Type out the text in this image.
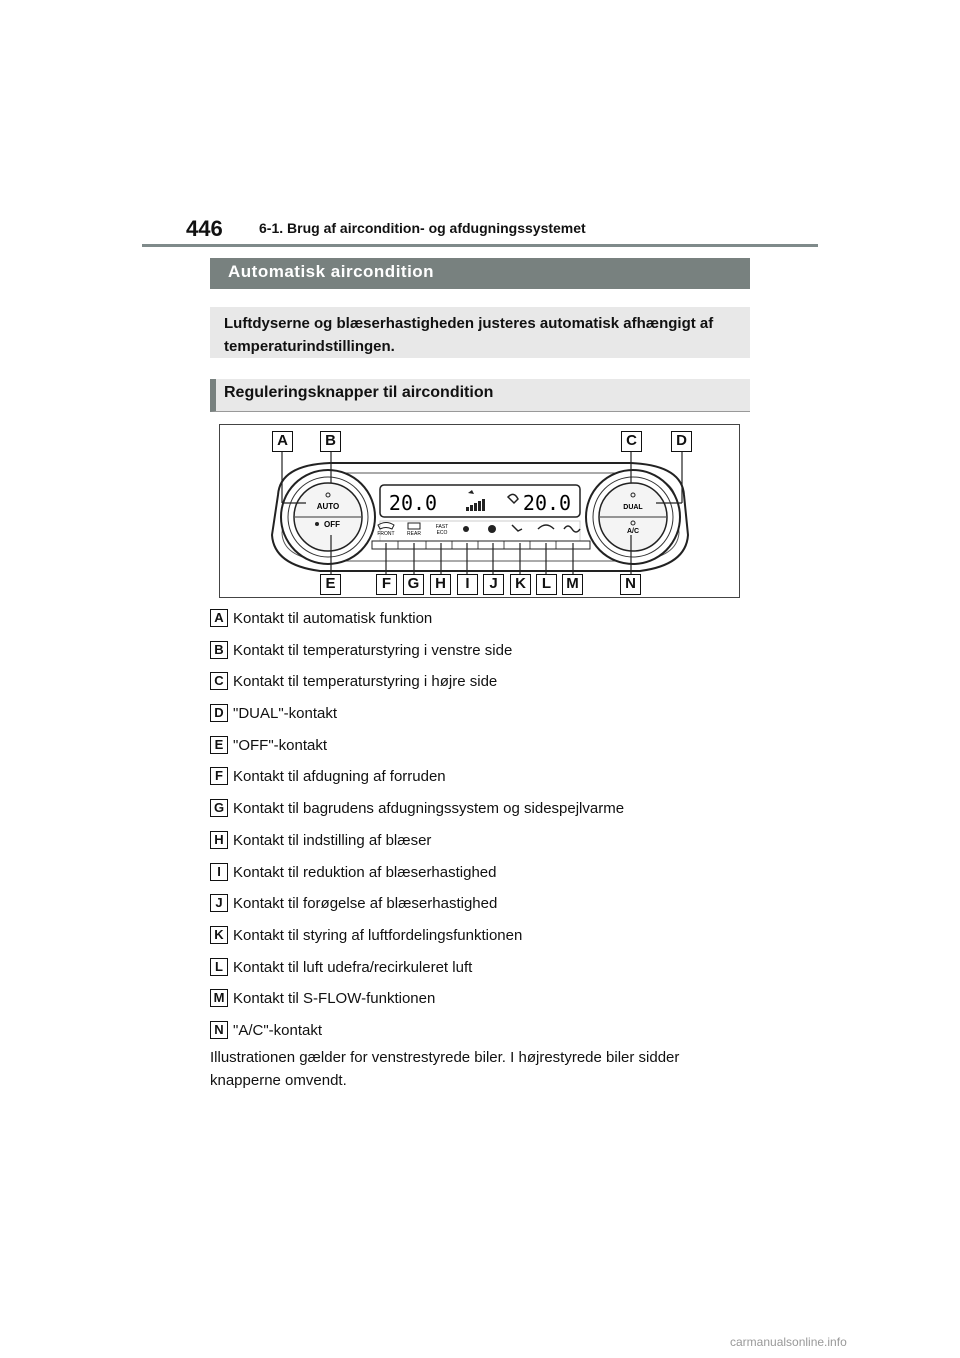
446	6-1. Brug af aircondition- og afdugningssystemet
Automatisk aircondition
Luftdyserne og blæserhastigheden justeres automatisk afhængigt af temperaturindstillingen.
Reguleringsknapper til aircondition
AUTO
OFF
DUAL
A/C
20.0	20.0
FRONT REAR
FAST
ECO
A	B	C	D
E	F	G	H	I	J	K	L	M	N
A Kontakt til automatisk funktion
B Kontakt til temperaturstyring i venstre side
C Kontakt til temperaturstyring i højre side
D "DUAL"-kontakt
E "OFF"-kontakt
F Kontakt til afdugning af forruden
G Kontakt til bagrudens afdugningssystem og sidespejlvarme
H Kontakt til indstilling af blæser
I Kontakt til reduktion af blæserhastighed
J Kontakt til forøgelse af blæserhastighed
K Kontakt til styring af luftfordelingsfunktionen
L Kontakt til luft udefra/recirkuleret luft
M Kontakt til S-FLOW-funktionen
N "A/C"-kontakt
Illustrationen gælder for venstrestyrede biler. I højrestyrede biler sidder knapperne omvendt.
carmanualsonline.info
